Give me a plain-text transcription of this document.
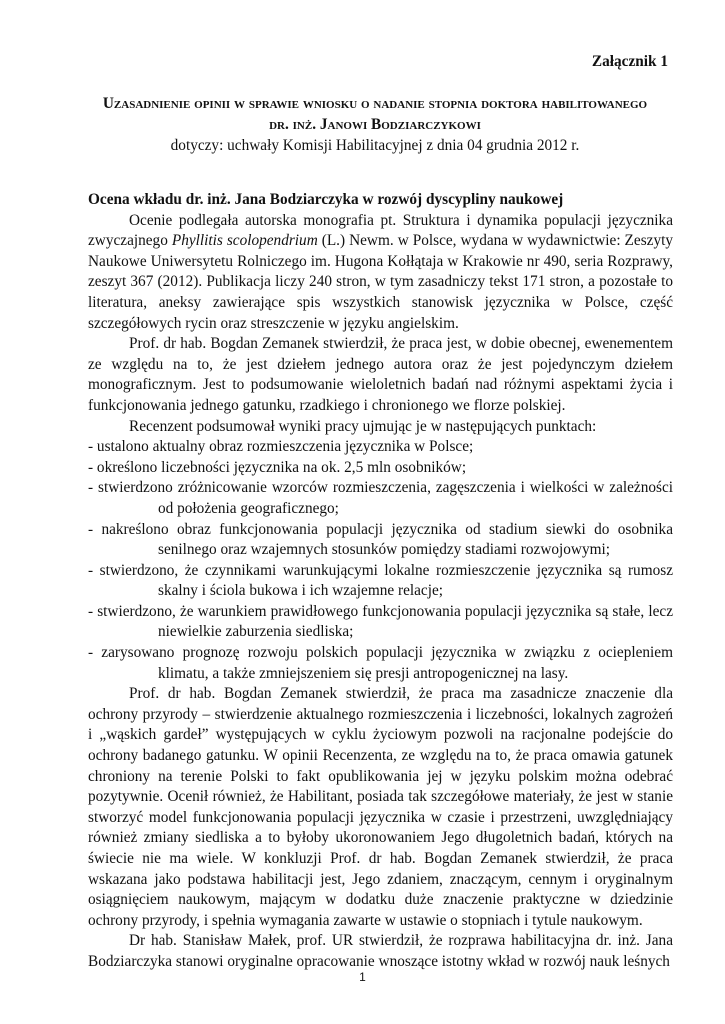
Załącznik 1
Uzasadnienie opinii w sprawie wniosku o nadanie stopnia doktora habilitowanego
dr. inż. Janowi Bodziarczykowi
dotyczy: uchwały Komisji Habilitacyjnej z dnia 04 grudnia 2012 r.

Ocena wkładu dr. inż. Jana Bodziarczyka w rozwój dyscypliny naukowej

Ocenie podlegała autorska monografia pt. Struktura i dynamika populacji języcznika zwyczajnego Phyllitis scolopendrium (L.) Newm. w Polsce, wydana w wydawnictwie: Zeszyty Naukowe Uniwersytetu Rolniczego im. Hugona Kołłątaja w Krakowie nr 490, seria Rozprawy, zeszyt 367 (2012). Publikacja liczy 240 stron, w tym zasadniczy tekst 171 stron, a pozostałe to literatura, aneksy zawierające spis wszystkich stanowisk języcznika w Polsce, część szczegółowych rycin oraz streszczenie w języku angielskim.

Prof. dr hab. Bogdan Zemanek stwierdził, że praca jest, w dobie obecnej, ewenementem ze względu na to, że jest dziełem jednego autora oraz że jest pojedynczym dziełem monograficznym. Jest to podsumowanie wieloletnich badań nad różnymi aspektami życia i funkcjonowania jednego gatunku, rzadkiego i chronionego we florze polskiej.

Recenzent podsumował wyniki pracy ujmując je w następujących punktach:

- ustalono aktualny obraz rozmieszczenia języcznika w Polsce;

- określono liczebności języcznika na ok. 2,5 mln osobników;

- stwierdzono zróżnicowanie wzorców rozmieszczenia, zagęszczenia i wielkości w zależności od położenia geograficznego;

- nakreślono obraz funkcjonowania populacji języcznika od stadium siewki do osobnika senilnego oraz wzajemnych stosunków pomiędzy stadiami rozwojowymi;

- stwierdzono, że czynnikami warunkującymi lokalne rozmieszczenie języcznika są rumosz skalny i ściola bukowa i ich wzajemne relacje;

- stwierdzono, że warunkiem prawidłowego funkcjonowania populacji języcznika są stałe, lecz niewielkie zaburzenia siedliska;

- zarysowano prognozę rozwoju polskich populacji języcznika w związku z ociepleniem klimatu, a także zmniejszeniem się presji antropogenicznej na lasy.

Prof. dr hab. Bogdan Zemanek stwierdził, że praca ma zasadnicze znaczenie dla ochrony przyrody – stwierdzenie aktualnego rozmieszczenia i liczebności, lokalnych zagrożeń i „wąskich gardeł” występujących w cyklu życiowym pozwoli na racjonalne podejście do ochrony badanego gatunku. W opinii Recenzenta, ze względu na to, że praca omawia gatunek chroniony na terenie Polski to fakt opublikowania jej w języku polskim można odebrać pozytywnie. Ocenił również, że Habilitant, posiada tak szczegółowe materiały, że jest w stanie stworzyć model funkcjonowania populacji języcznika w czasie i przestrzeni, uwzględniający również zmiany siedliska a to byłoby ukoronowaniem Jego długoletnich badań, których na świecie nie ma wiele. W konkluzji Prof. dr hab. Bogdan Zemanek stwierdził, że praca wskazana jako podstawa habilitacji jest, Jego zdaniem, znaczącym, cennym i oryginalnym osiągnięciem naukowym, mającym w dodatku duże znaczenie praktyczne w dziedzinie ochrony przyrody, i spełnia wymagania zawarte w ustawie o stopniach i tytule naukowym.

Dr hab. Stanisław Małek, prof. UR stwierdził, że rozprawa habilitacyjna dr. inż. Jana Bodziarczyka stanowi oryginalne opracowanie wnoszące istotny wkład w rozwój nauk leśnych

1
